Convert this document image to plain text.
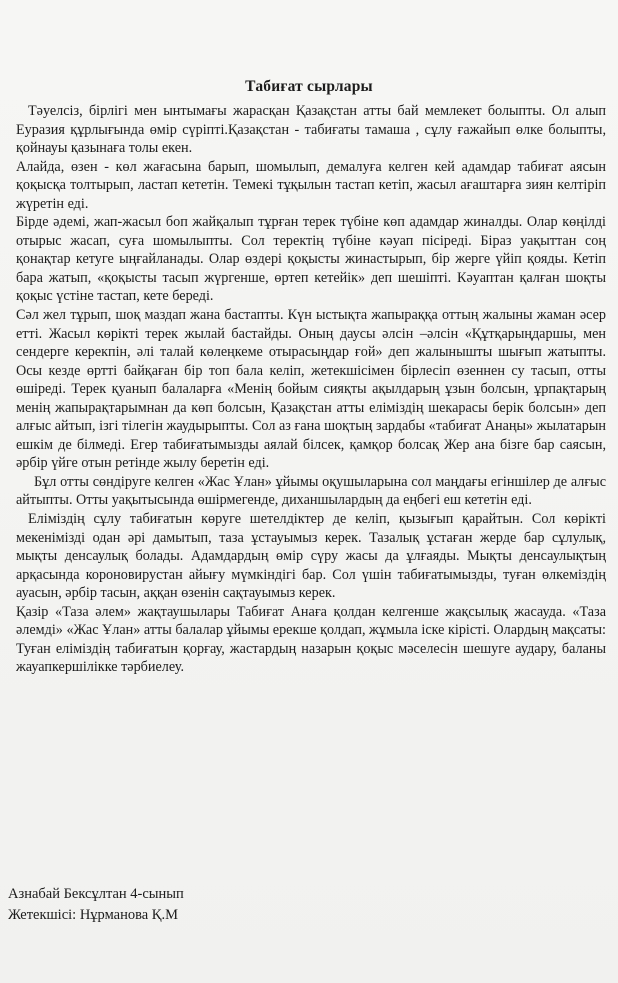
Табиғат сырлары

Тәуелсіз, бірлігі мен ынтымағы жарасқан Қазақстан атты бай мемлекет болыпты. Ол алып Еуразия құрлығында өмір сүріпті.Қазақстан - табиғаты тамаша , сұлу ғажайып өлке болыпты, қойнауы қазынаға толы екен.

Алайда, өзен - көл жағасына барып, шомылып, демалуға келген кей адамдар табиғат аясын қоқысқа толтырып, ластап кететін. Темекі тұқылын тастап кетіп, жасыл ағаштарға зиян келтіріп жүретін еді.

Бірде әдемі, жап-жасыл боп жайқалып тұрған терек түбіне көп адамдар жиналды. Олар көңілді отырыс жасап, суға шомылыпты. Сол теректің түбіне кәуап пісіреді. Біраз уақыттан соң қонақтар кетуге ыңғайланады. Олар өздері қоқысты жинастырып, бір жерге үйіп қояды. Кетіп бара жатып, «қоқысты тасып жүргенше, өртеп кетейік» деп шешіпті. Кәуаптан қалған шоқты қоқыс үстіне тастап, кете береді.

Сәл жел тұрып, шоқ маздап жана бастапты. Күн ыстықта жапыраққа оттың жалыны жаман әсер етті. Жасыл көрікті терек жылай бастайды. Оның даусы әлсін –әлсін «Құтқарыңдаршы, мен сендерге керекпін, әлі талай көлеңкеме отырасыңдар ғой» деп жалынышты шығып жатыпты. Осы кезде өртті байқаған бір топ бала келіп, жетекшісімен бірлесіп өзеннен су тасып, отты өшіреді. Терек қуанып балаларға «Менің бойым сияқты ақылдарың ұзын болсын, ұрпақтарың менің жапырақтарымнан да көп болсын, Қазақстан атты еліміздің шекарасы берік болсын» деп алғыс айтып, ізгі тілегін жаудырыпты. Сол аз ғана шоқтың зардабы «табиғат Анаңы» жылатарын ешкім де білмеді. Егер табиғатымызды аялай білсек, қамқор болсақ Жер ана бізге бар саясын, әрбір үйге отын ретінде жылу беретін еді.

Бұл отты сөндіруге келген «Жас Ұлан» ұйымы оқушыларына сол маңдағы егіншілер де алғыс айтыпты. Отты уақытысында өшірмегенде, диханшылардың да еңбегі еш кететін еді.

Еліміздің сұлу табиғатын көруге шетелдіктер де келіп, қызығып қарайтын. Сол көрікті мекенімізді одан әрі дамытып, таза ұстауымыз керек. Тазалық ұстаған жерде бар сұлулық, мықты денсаулық болады. Адамдардың өмір сүру жасы да ұлғаяды. Мықты денсаулықтың арқасында короновирустан айығу мүмкіндігі бар. Сол үшін табиғатымызды, туған өлкеміздің ауасын, әрбір тасын, аққан өзенін сақтауымыз керек.

Қазір «Таза әлем» жақтаушылары Табиғат Анаға қолдан келгенше жақсылық жасауда. «Таза әлемді» «Жас Ұлан» атты балалар ұйымы ерекше қолдап, жұмыла іске кірісті. Олардың мақсаты: Туған еліміздің табиғатын қорғау, жастардың назарын қоқыс мәселесін шешуге аудару, баланы жауапкершілікке тәрбиелеу.

Азнабай Бексұлтан 4-сынып
Жетекшісі: Нұрманова Қ.М
